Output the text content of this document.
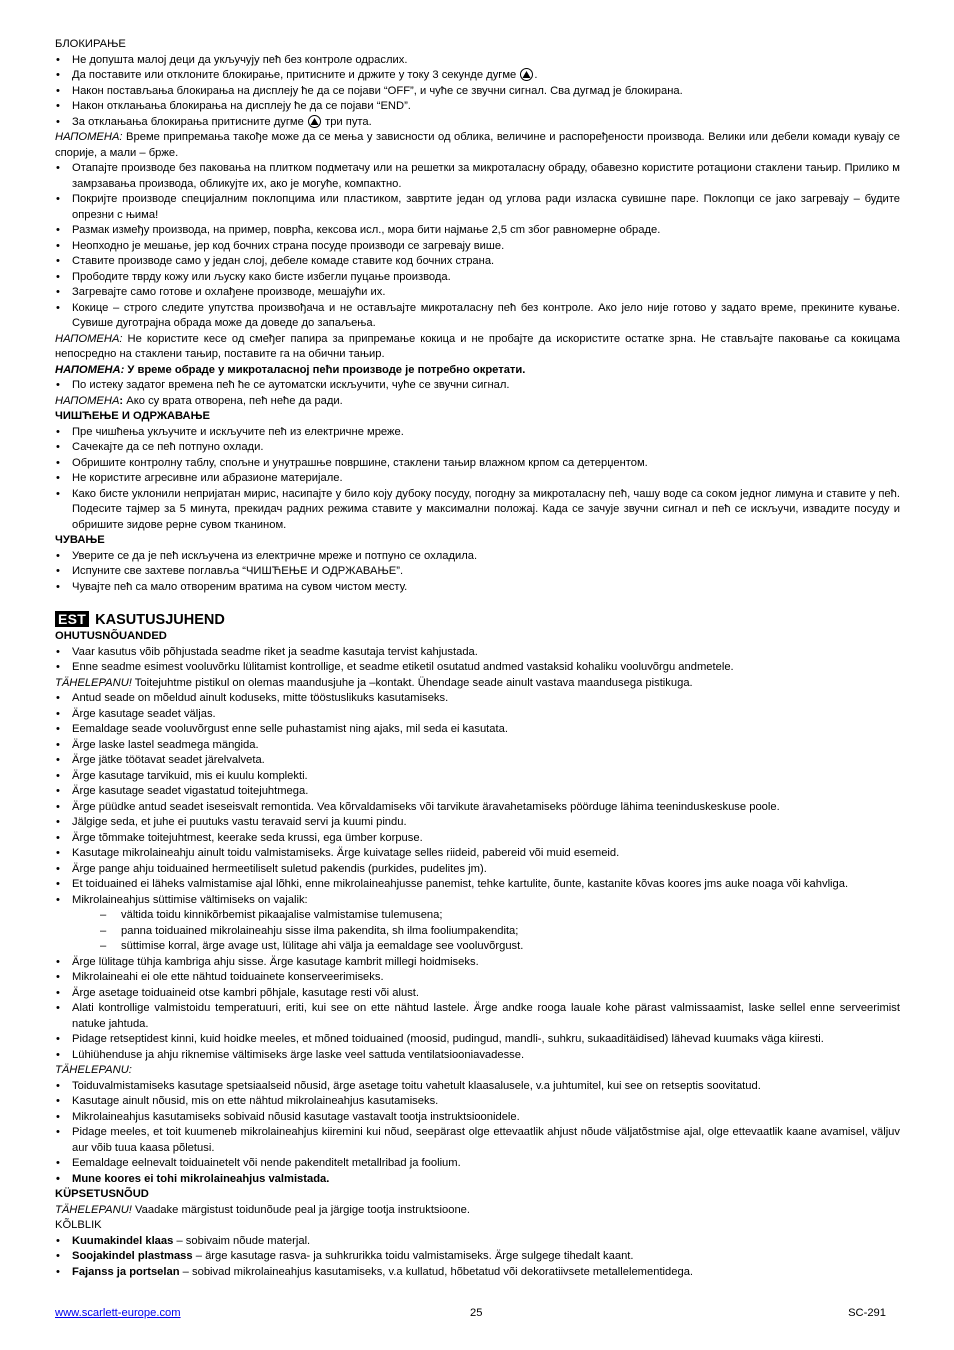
БЛОКИРАЊЕ

• Не допушта малој деци да укључују пећ без контроле одраслих.
• Да поставите или отклоните блокирање, притисните и држите у току 3 секунде дугме .
• Након постављања блокирања на дисплеју ће да се појави “OFF”, и чуће се звучни сигнал. Сва дугмад је блокирана.
• Након отклањања блокирања на дисплеју ће да се појави “END”.
• За отклањања блокирања притисните дугме
три пута.

НАПОМЕНА: Време припремања такође може да се мења у зависности од облика, величине и распоређености производа. Велики или дебели комади кувају се спорије, а мали – брже.

• Отапајте производе без паковања на плитком подметачу или на решетки за микроталасну обраду, обавезно користите ротациони стаклени тањир. Прилико м замрзавања производа, обликујте их, ако је могуће, компактно.
• Покријте производе специјалним поклопцима или пластиком, завртите један од углова ради изласка сувишне паре. Поклопци се јако загревају – будите опрезни с њима!
• Размак између производа, на пример, поврћа, кексова исл., мора бити најмање 2,5 cm због равномерне обраде.
• Неопходно је мешање, јер код бочних страна посуде производи се загревају више.
• Ставите производе само у један слој, дебеле комаде ставите код бочних страна.
• Прободите тврду кожу или љуску како бисте избегли пуцање производа.
• Загревајте само готове и охлађене производе, мешајући их.
• Кокице – строго следите упутства произвођача и не остављајте микроталасну пећ без контроле. Ако јело није готово у задато време, прекините кување. Сувише дуготрајна обрада може да доведе до запаљења.

НАПОМЕНА: Не користите кесе од смеђег папира за припремање кокица и не пробајте да искористите остатке зрна. Не стављајте паковање са кокицама непосредно на стаклени тањир, поставите га на обични тањир.

НАПОМЕНА: У време обраде у микроталасној пећи производе је потребно окретати.

• По истеку задатог времена пећ ће се аутоматски искључити, чуће се звучни сигнал.

НАПОМЕНА: Ако су врата отворена, пећ неће да ради.

ЧИШЋЕЊЕ И ОДРЖАВАЊЕ

• Пре чишћења укључите и искључите пећ из електричне мреже.
• Сачекајте да се пећ потпуно охлади.
• Обришите контролну таблу, спољне и унутрашње површине, стаклени тањир влажном крпом са детерџентом.
• Не користите агресивне или абразионе материјале.
• Како бисте уклонили непријатан мирис, насипајте у било коју дубоку посуду, погодну за микроталасну пећ, чашу воде са соком једног лимуна и ставите у пећ. Подесите тајмер за 5 минута, прекидач радних режима ставите у максимални положај. Када се зачује звучни сигнал и пећ се искључи, извадите посуду и обришите зидове рерне сувом тканином.

ЧУВАЊЕ

• Уверите се да је пећ искључена из електричне мреже и потпуно се охладила.
• Испуните све захтеве поглавља “ЧИШЋЕЊЕ И ОДРЖАВАЊЕ”.
• Чувајте пећ са мало отвореним вратима на сувом чистом месту.

EST KASUTUSJUHEND

OHUTUSNÕUANDED

• Vaar kasutus võib põhjustada seadme riket ja seadme kasutaja tervist kahjustada.
• Enne seadme esimest vooluvõrku lülitamist kontrollige, et seadme etiketil osutatud andmed vastaksid kohaliku vooluvõrgu andmetele.

TÄHELEPANU! Toitejuhtme pistikul on olemas maandusjuhe ja –kontakt. Ühendage seade ainult vastava maandusega pistikuga.

• Antud seade on mõeldud ainult koduseks, mitte tööstuslikuks kasutamiseks.
• Ärge kasutage seadet väljas.
• Eemaldage seade vooluvõrgust enne selle puhastamist ning ajaks, mil seda ei kasutata.
• Ärge laske lastel seadmega mängida.
• Ärge jätke töötavat seadet järelvalveta.
• Ärge kasutage tarvikuid, mis ei kuulu komplekti.
• Ärge kasutage seadet vigastatud toitejuhtmega.
• Ärge püüdke antud seadet iseseisvalt remontida. Vea kõrvaldamiseks või tarvikute äravahetamiseks pöörduge lähima teeninduskeskuse poole.
• Jälgige seda, et juhe ei puutuks vastu teravaid servi ja kuumi pindu.
• Ärge tõmmake toitejuhtmest, keerake seda krussi, ega ümber korpuse.
• Kasutage mikrolaineahju ainult toidu valmistamiseks. Ärge kuivatage selles riideid, pabereid või muid esemeid.
• Ärge pange ahju toiduained hermeetiliselt suletud pakendis (purkides, pudelites jm).
• Et toiduained ei läheks valmistamise ajal lõhki, enne mikrolaineahjusse panemist, tehke kartulite, õunte, kastanite kõvas koores jms auke noaga või kahvliga.
• Mikrolaineahjus süttimise vältimiseks on vajalik:
– vältida toidu kinnikõrbemist pikaajalise valmistamise tulemusena;
– panna toiduained mikrolaineahju sisse ilma pakendita, sh ilma fooliumpakendita;
– süttimise korral, ärge avage ust, lülitage ahi välja ja eemaldage see vooluvõrgust.
• Ärge lülitage tühja kambriga ahju sisse. Ärge kasutage kambrit millegi hoidmiseks.
• Mikrolaineahi ei ole ette nähtud toiduainete konserveerimiseks.
• Ärge asetage toiduaineid otse kambri põhjale, kasutage resti või alust.
• Alati kontrollige valmistoidu temperatuuri, eriti, kui see on ette nähtud lastele. Ärge andke rooga lauale kohe pärast valmissaamist, laske sellel enne serveerimist natuke jahtuda.
• Pidage retseptidest kinni, kuid hoidke meeles, et mõned toiduained (moosid, pudingud, mandli-, suhkru, sukaaditäidised) lähevad kuumaks väga kiiresti.
• Lühiühenduse ja ahju riknemise vältimiseks ärge laske veel sattuda ventilatsiooniavadesse.

TÄHELEPANU:

• Toiduvalmistamiseks kasutage spetsiaalseid nõusid, ärge asetage toitu vahetult klaasalusele, v.a juhtumitel, kui see on retseptis soovitatud.
• Kasutage ainult nõusid, mis on ette nähtud mikrolaineahjus kasutamiseks.
• Mikrolaineahjus kasutamiseks sobivaid nõusid kasutage vastavalt tootja instruktsioonidele.
• Pidage meeles, et toit kuumeneb mikrolaineahjus kiiremini kui nõud, seepärast olge ettevaatlik ahjust nõude väljatõstmise ajal, olge ettevaatlik kaane avamisel, väljuv aur võib tuua kaasa põletusi.
• Eemaldage eelnevalt toiduainetelt või nende pakenditelt metallribad ja foolium.
• Mune koores ei tohi mikrolaineahjus valmistada.

KÜPSETUSNÕUD

TÄHELEPANU! Vaadake märgistust toidunõude peal ja järgige tootja instruktsioone.

KÕLBLIK

• Kuumakindel klaas – sobivaim nõude materjal.
• Soojakindel plastmass – ärge kasutage rasva- ja suhkrurikka toidu valmistamiseks. Ärge sulgege tihedalt kaant.
• Fajanss ja portselan – sobivad mikrolaineahjus kasutamiseks, v.a kullatud, hõbetatud või dekoratiivsete metallelementidega.
www.scarlett-europe.com	25	SC-291
